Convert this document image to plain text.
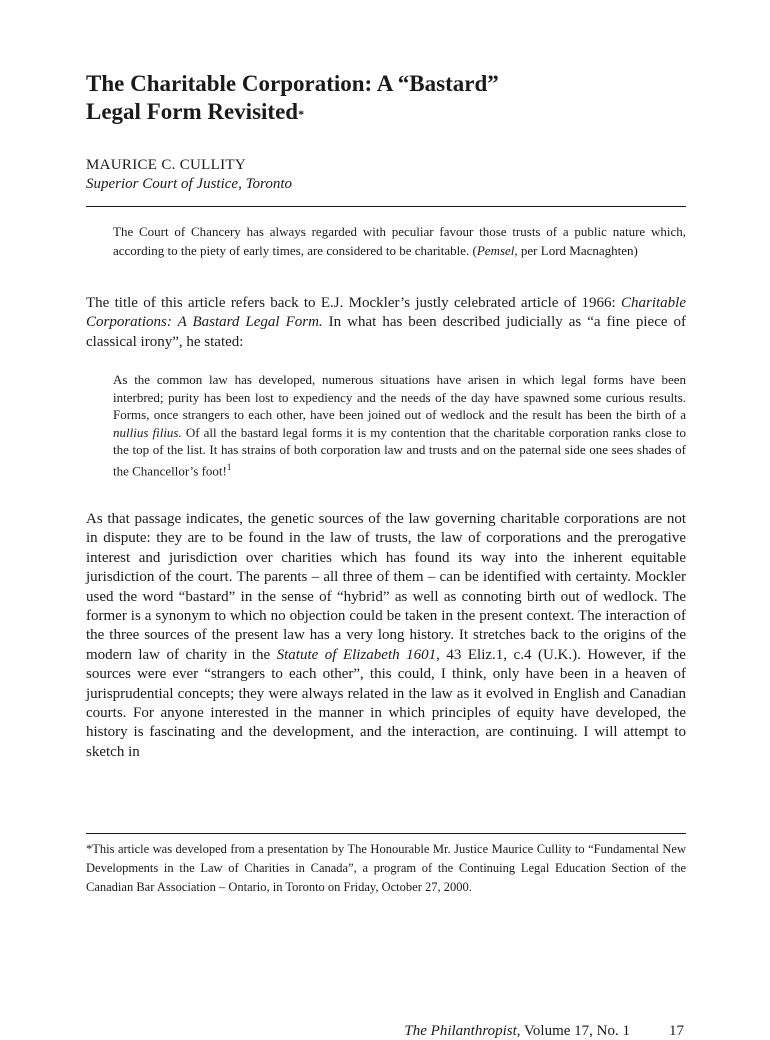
The Charitable Corporation: A “Bastard”
Legal Form Revisited*
MAURICE C. CULLITY
Superior Court of Justice, Toronto
The Court of Chancery has always regarded with peculiar favour those trusts of a public nature which, according to the piety of early times, are considered to be charitable. (Pemsel, per Lord Macnaghten)
The title of this article refers back to E.J. Mockler’s justly celebrated article of 1966: Charitable Corporations: A Bastard Legal Form. In what has been described judicially as “a fine piece of classical irony”, he stated:
As the common law has developed, numerous situations have arisen in which legal forms have been interbred; purity has been lost to expediency and the needs of the day have spawned some curious results. Forms, once strangers to each other, have been joined out of wedlock and the result has been the birth of a nullius filius. Of all the bastard legal forms it is my contention that the charitable corporation ranks close to the top of the list. It has strains of both corporation law and trusts and on the paternal side one sees shades of the Chancellor’s foot!$^1$
As that passage indicates, the genetic sources of the law governing charitable corporations are not in dispute: they are to be found in the law of trusts, the law of corporations and the prerogative interest and jurisdiction over charities which has found its way into the inherent equitable jurisdiction of the court. The parents – all three of them – can be identified with certainty. Mockler used the word “bastard” in the sense of “hybrid” as well as connoting birth out of wedlock. The former is a synonym to which no objection could be taken in the present context. The interaction of the three sources of the present law has a very long history. It stretches back to the origins of the modern law of charity in the Statute of Elizabeth 1601, 43 Eliz.1, c.4 (U.K.). However, if the sources were ever “strangers to each other”, this could, I think, only have been in a heaven of jurisprudential concepts; they were always related in the law as it evolved in English and Canadian courts. For anyone interested in the manner in which principles of equity have developed, the history is fascinating and the development, and the interaction, are continuing. I will attempt to sketch in
*This article was developed from a presentation by The Honourable Mr. Justice Maurice Cullity to “Fundamental New Developments in the Law of Charities in Canada”, a program of the Continuing Legal Education Section of the Canadian Bar Association – Ontario, in Toronto on Friday, October 27, 2000.
The Philanthropist, Volume 17, No. 1	17
